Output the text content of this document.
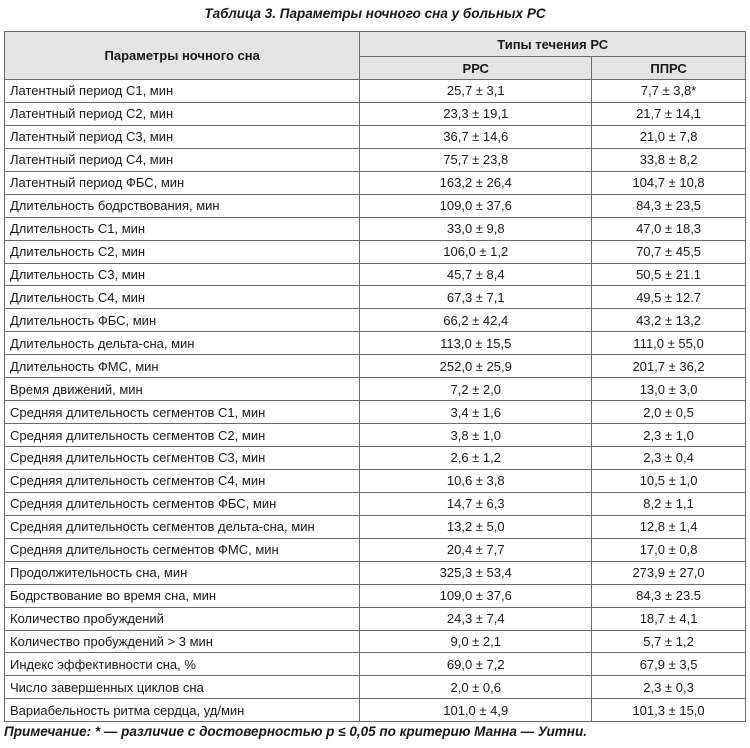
Таблица 3. Параметры ночного сна у больных РС
Параметры ночного сна	Типы течения РС	
	РРС	ППРС
Латентный период С1, мин	25,7 ± 3,1	7,7 ± 3,8*
Латентный период С2, мин	23,3 ± 19,1	21,7 ± 14,1
Латентный период С3, мин	36,7 ± 14,6	21,0 ± 7,8
Латентный период С4, мин	75,7 ± 23,8	33,8 ± 8,2
Латентный период ФБС, мин	163,2 ± 26,4	104,7 ± 10,8
Длительность бодрствования, мин	109,0 ± 37,6	84,3 ± 23,5
Длительность С1, мин	33,0 ± 9,8	47,0 ± 18,3
Длительность С2, мин	106,0 ± 1,2	70,7 ± 45,5
Длительность С3, мин	45,7 ± 8,4	50,5 ± 21.1
Длительность С4, мин	67,3 ± 7,1	49,5 ± 12.7
Длительность ФБС, мин	66,2 ± 42,4	43,2 ± 13,2
Длительность дельта-сна, мин	113,0 ± 15,5	111,0 ± 55,0
Длительность ФМС, мин	252,0 ± 25,9	201,7 ± 36,2
Время движений, мин	7,2 ± 2,0	13,0 ± 3,0
Средняя длительность сегментов С1, мин	3,4 ± 1,6	2,0 ± 0,5
Средняя длительность сегментов С2, мин	3,8 ± 1,0	2,3 ± 1,0
Средняя длительность сегментов С3, мин	2,6 ± 1,2	2,3 ± 0,4
Средняя длительность сегментов С4, мин	10,6 ± 3,8	10,5 ± 1,0
Средняя длительность сегментов ФБС, мин	14,7 ± 6,3	8,2 ± 1,1
Средняя длительность сегментов дельта-сна, мин	13,2 ± 5,0	12,8 ± 1,4
Средняя длительность сегментов ФМС, мин	20,4 ± 7,7	17,0 ± 0,8
Продолжительность сна, мин	325,3 ± 53,4	273,9 ± 27,0
Бодрствование во время сна, мин	109,0 ± 37,6	84,3 ± 23.5
Количество пробуждений	24,3 ± 7,4	18,7 ± 4,1
Количество пробуждений > 3 мин	9,0 ± 2,1	5,7 ± 1,2
Индекс эффективности сна, %	69,0 ± 7,2	67,9 ± 3,5
Число завершенных циклов сна	2,0 ± 0,6	2,3 ± 0,3
Вариабельность ритма сердца, уд/мин	101,0 ± 4,9	101,3 ± 15,0
Примечание: * — различие с достоверностью p ≤ 0,05 по критерию Манна — Уитни.
